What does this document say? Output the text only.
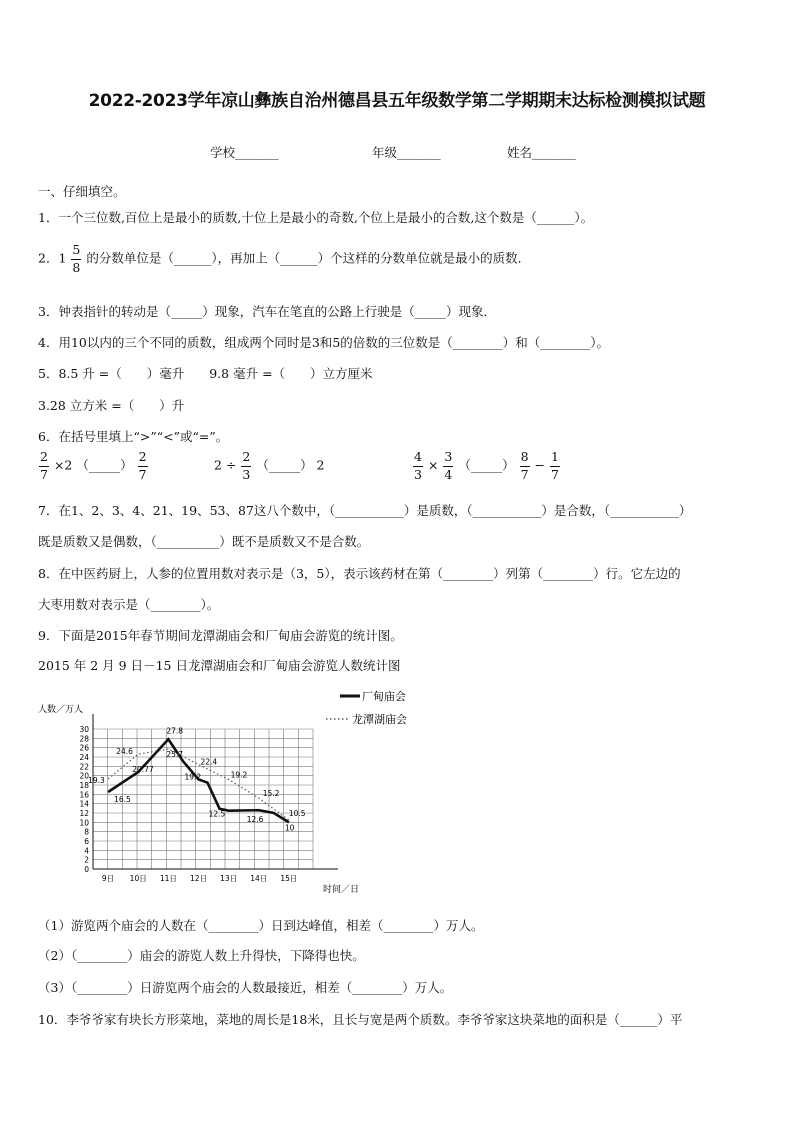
2022-2023学年凉山彝族自治州德昌县五年级数学第二学期期末达标检测模拟试题
学校_______	年级_______	姓名_______
一、仔细填空。
1．一个三位数,百位上是最小的质数,十位上是最小的奇数,个位上是最小的合数,这个数是（______）。
2．$1 \frac{5}{8}$ 的分数单位是（______），再加上（______）个这样的分数单位就是最小的质数．
3．钟表指针的转动是（_____）现象，汽车在笔直的公路上行驶是（_____）现象．
4．用10以内的三个不同的质数，组成两个同时是3和5的倍数的三位数是（________）和（________）。
5．8.5 升 =（　　）毫升　　9.8 毫升 =（　　）立方厘米
3.28 立方米 =（　　）升
6．在括号里填上“>”“<”或“=”。
$\frac{2}{7} \times 2$ （_____） $\frac{2}{7}$	$2 \div \frac{2}{3}$ （_____） 2	$\frac{4}{3} \times \frac{3}{4}$ （_____） $\frac{8}{7} - \frac{1}{7}$
7．在1、2、3、4、21、19、53、87这八个数中，（___________）是质数，（___________）是合数，（___________）
既是质数又是偶数，（__________）既不是质数又不是合数。
8．在中医药厨上，人参的位置用数对表示是（3，5），表示该药材在第（________）列第（________）行。它左边的
大枣用数对表示是（________）。
9．下面是2015年春节期间龙潭湖庙会和厂甸庙会游览的统计图。
2015 年 2 月 9 日－15 日龙潭湖庙会和厂甸庙会游览人数统计图
人数／万人
时间／日
0
2
4
6
8
10
12
14
16
18
20
22
24
26
28
30
9日 10日 11日 12日 13日 14日 15日
16.5
20.77
27.8
19.2
12.5
12.6
10
19.3
24.6	25.7
22.4
19.2
15.2
10.5
厂甸庙会
龙潭湖庙会
（1）游览两个庙会的人数在（________）日到达峰值，相差（________）万人。
（2）（________）庙会的游览人数上升得快，下降得也快。
（3）（________）日游览两个庙会的人数最接近，相差（________）万人。
10．李爷爷家有块长方形菜地，菜地的周长是18米，且长与宽是两个质数。李爷爷家这块菜地的面积是（______）平
